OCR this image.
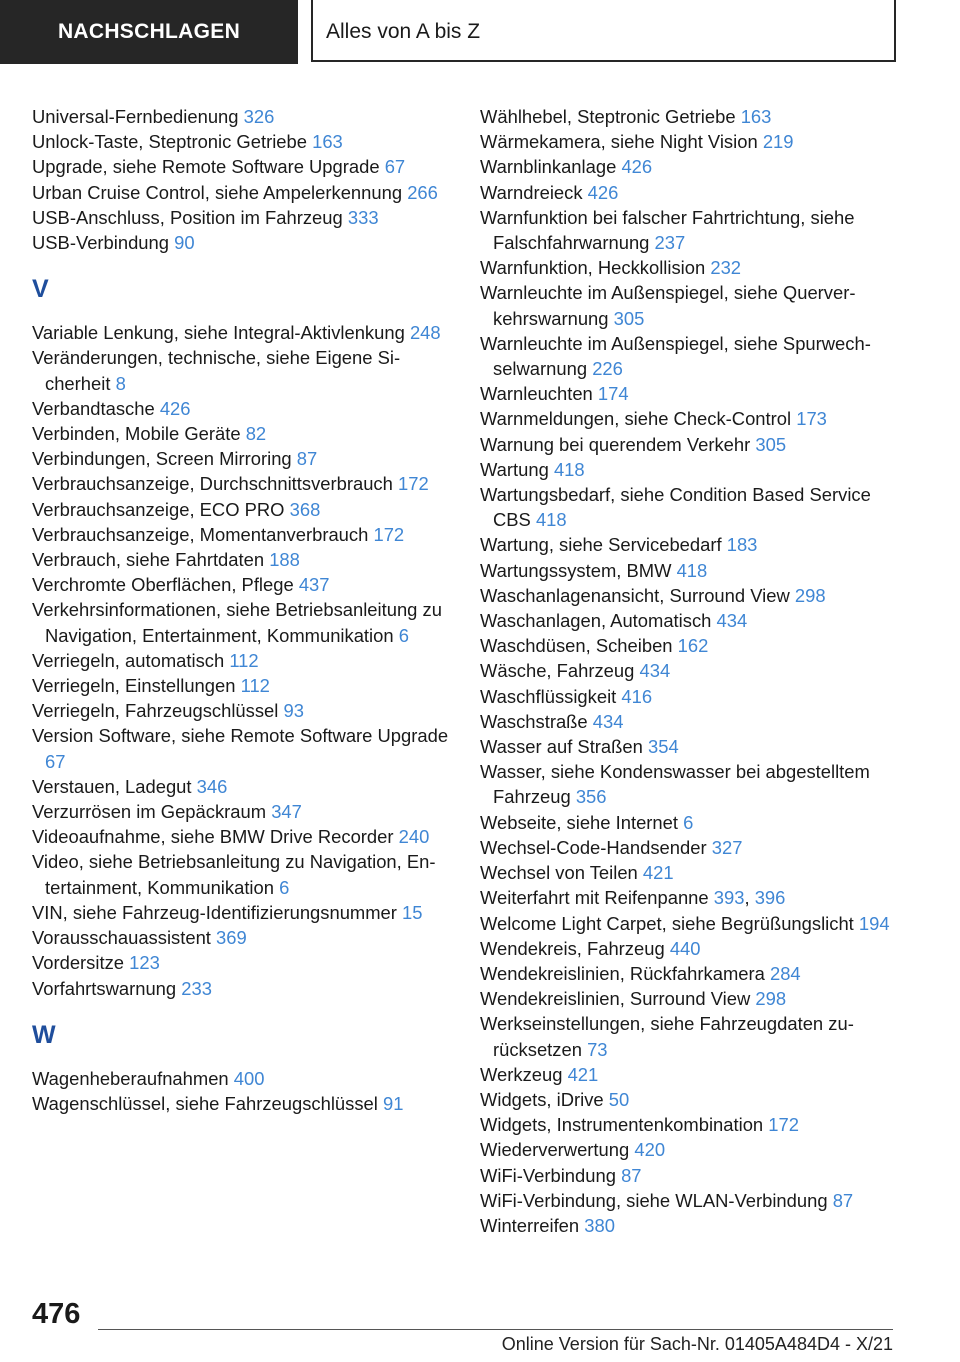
NACHSCHLAGEN	Alles von A bis Z
Universal-Fernbedienung 326
Unlock-Taste, Steptronic Getriebe 163
Upgrade, siehe Remote Software Upgrade 67
Urban Cruise Control, siehe Ampelerkennung 266
USB-Anschluss, Position im Fahrzeug 333
USB-Verbindung 90
V
Variable Lenkung, siehe Integral-Aktivlenkung 248
Veränderungen, technische, siehe Eigene Sicherheit 8
Verbandtasche 426
Verbinden, Mobile Geräte 82
Verbindungen, Screen Mirroring 87
Verbrauchsanzeige, Durchschnittsverbrauch 172
Verbrauchsanzeige, ECO PRO 368
Verbrauchsanzeige, Momentanverbrauch 172
Verbrauch, siehe Fahrtdaten 188
Verchromte Oberflächen, Pflege 437
Verkehrsinformationen, siehe Betriebsanleitung zu Navigation, Entertainment, Kommunikation 6
Verriegeln, automatisch 112
Verriegeln, Einstellungen 112
Verriegeln, Fahrzeugschlüssel 93
Version Software, siehe Remote Software Upgrade 67
Verstauen, Ladegut 346
Verzurrösen im Gepäckraum 347
Videoaufnahme, siehe BMW Drive Recorder 240
Video, siehe Betriebsanleitung zu Navigation, Entertainment, Kommunikation 6
VIN, siehe Fahrzeug-Identifizierungsnummer 15
Vorausschauassistent 369
Vordersitze 123
Vorfahrtswarnung 233
W
Wagenheberaufnahmen 400
Wagenschlüssel, siehe Fahrzeugschlüssel 91
Wählhebel, Steptronic Getriebe 163
Wärmekamera, siehe Night Vision 219
Warnblinkanlage 426
Warndreieck 426
Warnfunktion bei falscher Fahrtrichtung, siehe Falschfahrwarnung 237
Warnfunktion, Heckkollision 232
Warnleuchte im Außenspiegel, siehe Querverkehrswarnung 305
Warnleuchte im Außenspiegel, siehe Spurwechselwarnung 226
Warnleuchten 174
Warnmeldungen, siehe Check-Control 173
Warnung bei querendem Verkehr 305
Wartung 418
Wartungsbedarf, siehe Condition Based Service CBS 418
Wartung, siehe Servicebedarf 183
Wartungssystem, BMW 418
Waschanlagenansicht, Surround View 298
Waschanlagen, Automatisch 434
Waschdüsen, Scheiben 162
Wäsche, Fahrzeug 434
Waschflüssigkeit 416
Waschstraße 434
Wasser auf Straßen 354
Wasser, siehe Kondenswasser bei abgestelltem Fahrzeug 356
Webseite, siehe Internet 6
Wechsel-Code-Handsender 327
Wechsel von Teilen 421
Weiterfahrt mit Reifenpanne 393, 396
Welcome Light Carpet, siehe Begrüßungslicht 194
Wendekreis, Fahrzeug 440
Wendekreislinien, Rückfahrkamera 284
Wendekreislinien, Surround View 298
Werkseinstellungen, siehe Fahrzeugdaten zurücksetzen 73
Werkzeug 421
Widgets, iDrive 50
Widgets, Instrumentenkombination 172
Wiederverwertung 420
WiFi-Verbindung 87
WiFi-Verbindung, siehe WLAN-Verbindung 87
Winterreifen 380
476
Online Version für Sach-Nr. 01405A484D4 - X/21
